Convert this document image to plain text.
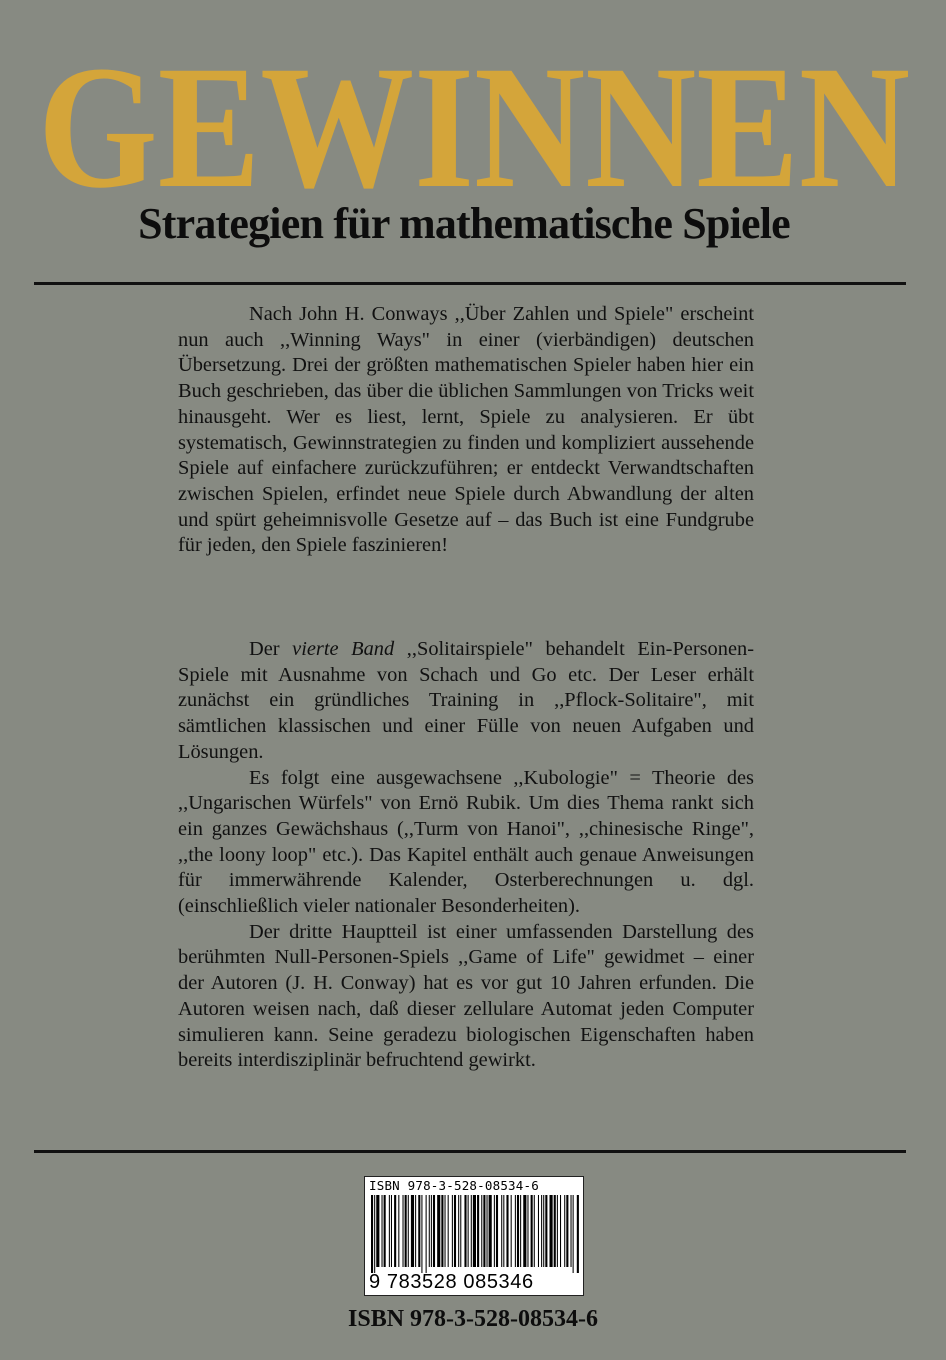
GEWINNEN
Strategien für mathematische Spiele

Nach John H. Conways ,,Über Zahlen und Spiele" erscheint nun auch ,,Winning Ways" in einer (vierbändigen) deutschen Übersetzung. Drei der größten mathematischen Spieler haben hier ein Buch geschrieben, das über die üblichen Sammlungen von Tricks weit hinausgeht. Wer es liest, lernt, Spiele zu analysieren. Er übt systematisch, Gewinnstrategien zu finden und kompliziert aussehende Spiele auf einfachere zurückzuführen; er entdeckt Verwandtschaften zwischen Spielen, erfindet neue Spiele durch Abwandlung der alten und spürt geheimnisvolle Gesetze auf – das Buch ist eine Fundgrube für jeden, den Spiele faszinieren!

Der vierte Band ,,Solitairspiele" behandelt Ein-Personen-Spiele mit Ausnahme von Schach und Go etc. Der Leser erhält zunächst ein gründliches Training in ,,Pflock-Solitaire", mit sämtlichen klassischen und einer Fülle von neuen Aufgaben und Lösungen.

Es folgt eine ausgewachsene ,,Kubologie" = Theorie des ,,Ungarischen Würfels" von Ernö Rubik. Um dies Thema rankt sich ein ganzes Gewächshaus (,,Turm von Hanoi", ,,chinesische Ringe", ,,the loony loop" etc.). Das Kapitel enthält auch genaue Anweisungen für immerwährende Kalender, Osterberechnungen u. dgl. (einschließlich vieler nationaler Besonderheiten).

Der dritte Hauptteil ist einer umfassenden Darstellung des berühmten Null-Personen-Spiels ,,Game of Life" gewidmet – einer der Autoren (J. H. Conway) hat es vor gut 10 Jahren erfunden. Die Autoren weisen nach, daß dieser zellulare Automat jeden Computer simulieren kann. Seine geradezu biologischen Eigenschaften haben bereits interdisziplinär befruchtend gewirkt.

ISBN 978-3-528-08534-6
9 783528 085346

ISBN 978-3-528-08534-6
